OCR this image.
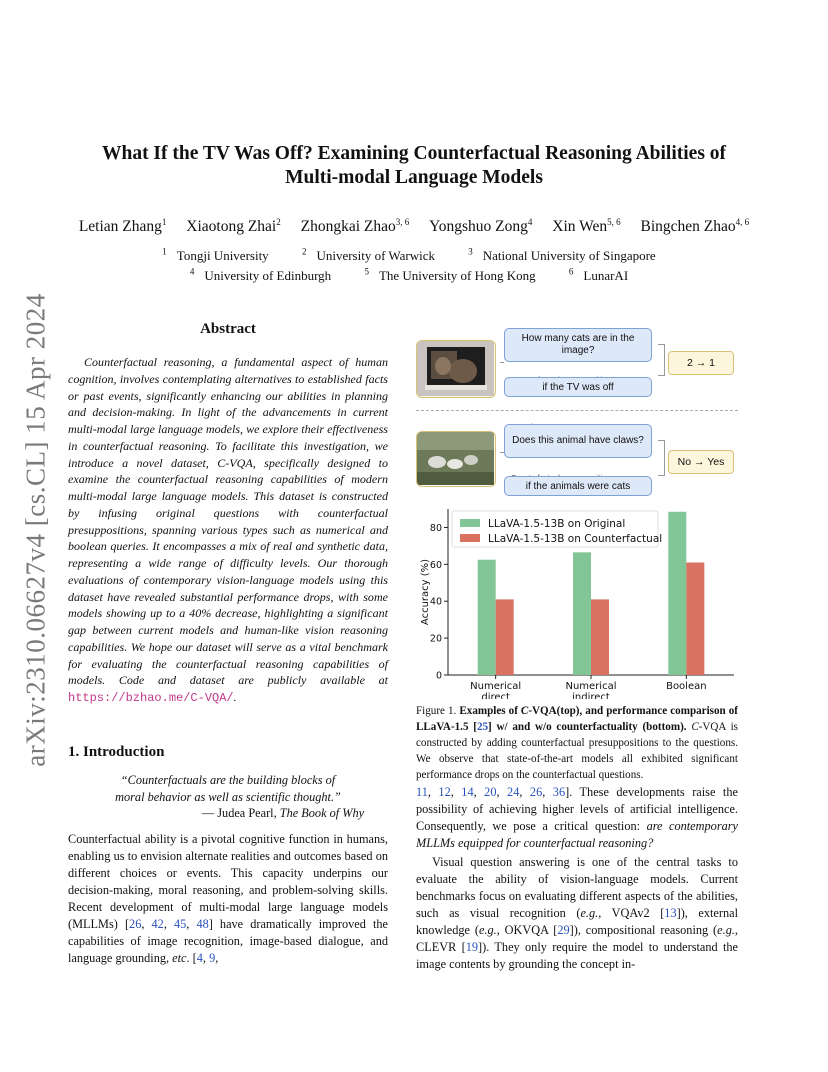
arXiv:2310.06627v4 [cs.CL] 15 Apr 2024
What If the TV Was Off? Examining Counterfactual Reasoning Abilities of
Multi-modal Language Models
Letian Zhang$^1$ Xiaotong Zhai$^2$ Zhongkai Zhao$^{3, 6}$ Yongshuo Zong$^4$ Xin Wen$^{5, 6}$ Bingchen Zhao$^{4, 6}$
$^1$ Tongji University	$^2$ University of Warwick	$^3$ National University of Singapore
$^4$ University of Edinburgh	$^5$ The University of Hong Kong	$^6$ LunarAI
Abstract
Counterfactual reasoning, a fundamental aspect of human cognition, involves contemplating alternatives to established facts or past events, significantly enhancing our abilities in planning and decision-making. In light of the advancements in current multi-modal large language models, we explore their effectiveness in counterfactual reasoning. To facilitate this investigation, we introduce a novel dataset, C-VQA, specifically designed to examine the counterfactual reasoning capabilities of modern multi-modal large language models. This dataset is constructed by infusing original questions with counterfactual presuppositions, spanning various types such as numerical and boolean queries. It encompasses a mix of real and synthetic data, representing a wide range of difficulty levels. Our thorough evaluations of contemporary vision-language models using this dataset have revealed substantial performance drops, with some models showing up to a 40% decrease, highlighting a significant gap between current models and human-like vision reasoning capabilities. We hope our dataset will serve as a vital benchmark for evaluating the counterfactual reasoning capabilities of models. Code and dataset are publicly available at https://bzhao.me/C-VQA/.
1. Introduction
“Counterfactuals are the building blocks of
moral behavior as well as scientific thought.”
— Judea Pearl, The Book of Why
Counterfactual ability is a pivotal cognitive function in humans, enabling us to envision alternate realities and outcomes based on different choices or events. This capacity underpins our decision-making, moral reasoning, and problem-solving skills. Recent development of multi-modal large language models (MLLMs) [26, 42, 45, 48] have dramatically improved the capabilities of image recognition, image-based dialogue, and language grounding, etc. [4, 9,
How many cats are in the image?
if the TV was off
2 → 1
Does this animal have claws?
if the animals were cats
No → Yes
0
20
40
60
80
Accuracy (%)
Numerical
direct
Numerical
indirect
Boolean
LLaVA-1.5-13B on Original
LLaVA-1.5-13B on Counterfactual
Figure 1. Examples of C-VQA(top), and performance comparison of LLaVA-1.5 [25] w/ and w/o counterfactuality (bottom). C-VQA is constructed by adding counterfactual presuppositions to the questions. We observe that state-of-the-art models all exhibited significant performance drops on the counterfactual questions.
11, 12, 14, 20, 24, 26, 36]. These developments raise the possibility of achieving higher levels of artificial intelligence. Consequently, we pose a critical question: are contemporary MLLMs equipped for counterfactual reasoning?
Visual question answering is one of the central tasks to evaluate the ability of vision-language models. Current benchmarks focus on evaluating different aspects of the abilities, such as visual recognition (e.g., VQAv2 [13]), external knowledge (e.g., OKVQA [29]), compositional reasoning (e.g., CLEVR [19]). They only require the model to understand the image contents by grounding the concept in-
